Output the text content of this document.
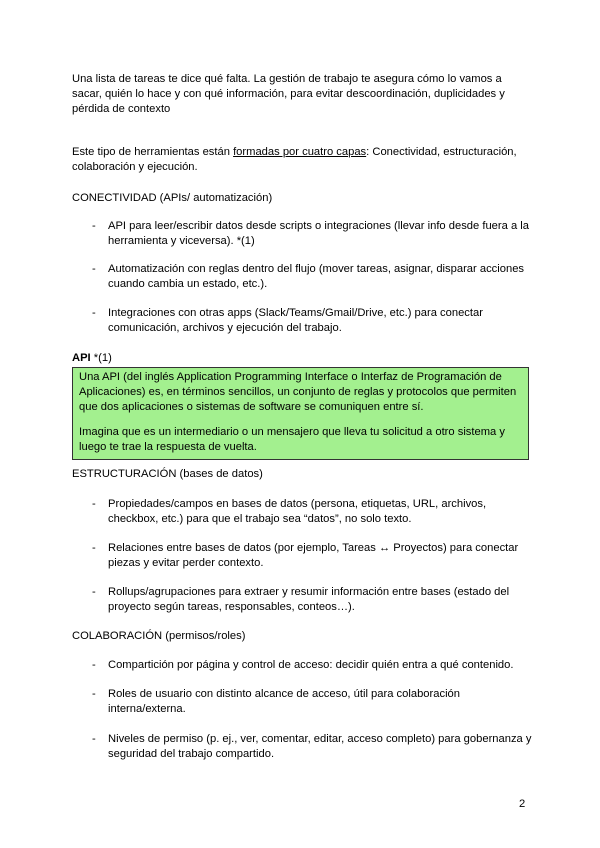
Una lista de tareas te dice qué falta. La gestión de trabajo te asegura cómo lo vamos a sacar, quién lo hace y con qué información, para evitar descoordinación, duplicidades y pérdida de contexto

Este tipo de herramientas están formadas por cuatro capas: Conectividad, estructuración, colaboración y ejecución.

CONECTIVIDAD (APIs/ automatización)

- API para leer/escribir datos desde scripts o integraciones (llevar info desde fuera a la herramienta y viceversa). *(1)
- Automatización con reglas dentro del flujo (mover tareas, asignar, disparar acciones cuando cambia un estado, etc.).
- Integraciones con otras apps (Slack/Teams/Gmail/Drive, etc.) para conectar comunicación, archivos y ejecución del trabajo.

API *(1)

Una API (del inglés Application Programming Interface o Interfaz de Programación de Aplicaciones) es, en términos sencillos, un conjunto de reglas y protocolos que permiten que dos aplicaciones o sistemas de software se comuniquen entre sí.

Imagina que es un intermediario o un mensajero que lleva tu solicitud a otro sistema y luego te trae la respuesta de vuelta.

ESTRUCTURACIÓN (bases de datos)

- Propiedades/campos en bases de datos (persona, etiquetas, URL, archivos, checkbox, etc.) para que el trabajo sea “datos”, no solo texto.
- Relaciones entre bases de datos (por ejemplo, Tareas ↔ Proyectos) para conectar piezas y evitar perder contexto.
- Rollups/agrupaciones para extraer y resumir información entre bases (estado del proyecto según tareas, responsables, conteos…).

COLABORACIÓN (permisos/roles)

- Compartición por página y control de acceso: decidir quién entra a qué contenido.
- Roles de usuario con distinto alcance de acceso, útil para colaboración interna/externa.
- Niveles de permiso (p. ej., ver, comentar, editar, acceso completo) para gobernanza y seguridad del trabajo compartido.

2
